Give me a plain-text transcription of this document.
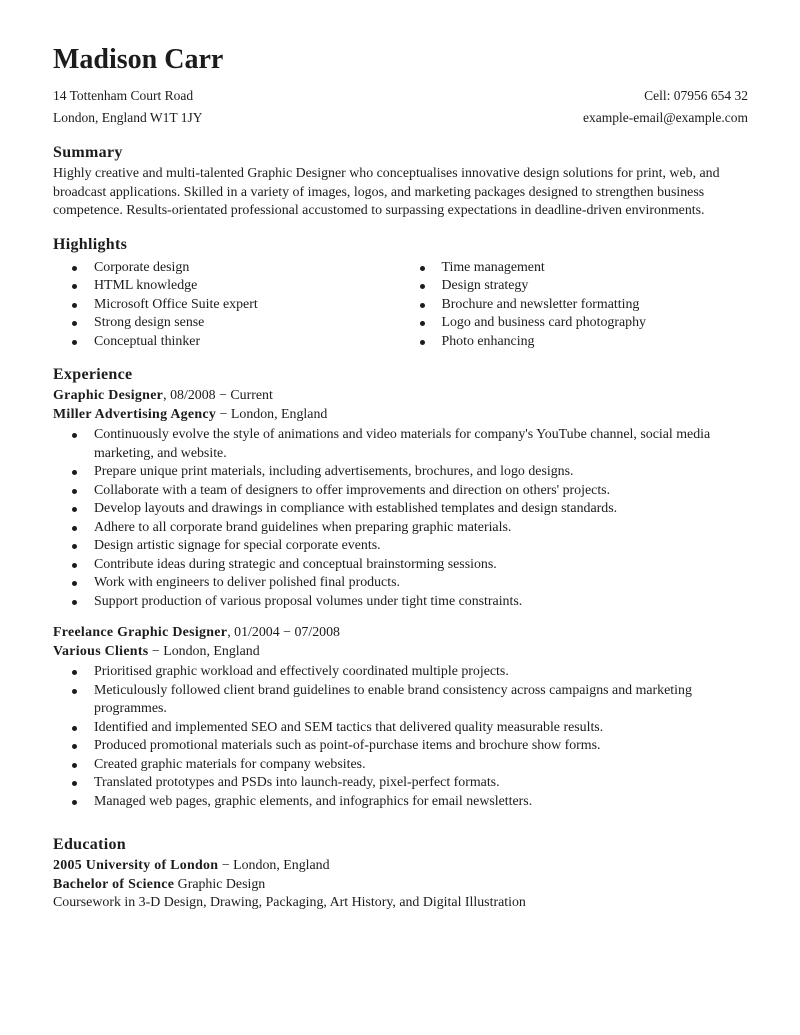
Madison Carr
14 Tottenham Court Road	Cell: 07956 654 32
London, England W1T 1JY	example-email@example.com
Summary

Highly creative and multi-talented Graphic Designer who conceptualises innovative design solutions for print, web, and broadcast applications. Skilled in a variety of images, logos, and marketing packages designed to strengthen business competence. Results-orientated professional accustomed to surpassing expectations in deadline-driven environments.

Highlights
Corporate design
HTML knowledge
Microsoft Office Suite expert
Strong design sense
Conceptual thinker
Time management
Design strategy
Brochure and newsletter formatting
Logo and business card photography
Photo enhancing
Experience

Graphic Designer, 08/2008 − Current

Miller Advertising Agency − London, England

Continuously evolve the style of animations and video materials for company's YouTube channel, social media marketing, and website.
Prepare unique print materials, including advertisements, brochures, and logo designs.
Collaborate with a team of designers to offer improvements and direction on others' projects.
Develop layouts and drawings in compliance with established templates and design standards.
Adhere to all corporate brand guidelines when preparing graphic materials.
Design artistic signage for special corporate events.
Contribute ideas during strategic and conceptual brainstorming sessions.
Work with engineers to deliver polished final products.
Support production of various proposal volumes under tight time constraints.

Freelance Graphic Designer, 01/2004 − 07/2008

Various Clients − London, England

Prioritised graphic workload and effectively coordinated multiple projects.
Meticulously followed client brand guidelines to enable brand consistency across campaigns and marketing programmes.
Identified and implemented SEO and SEM tactics that delivered quality measurable results.
Produced promotional materials such as point-of-purchase items and brochure show forms.
Created graphic materials for company websites.
Translated prototypes and PSDs into launch-ready, pixel-perfect formats.
Managed web pages, graphic elements, and infographics for email newsletters.
Education

2005 University of London − London, England

Bachelor of Science Graphic Design

Coursework in 3-D Design, Drawing, Packaging, Art History, and Digital Illustration
